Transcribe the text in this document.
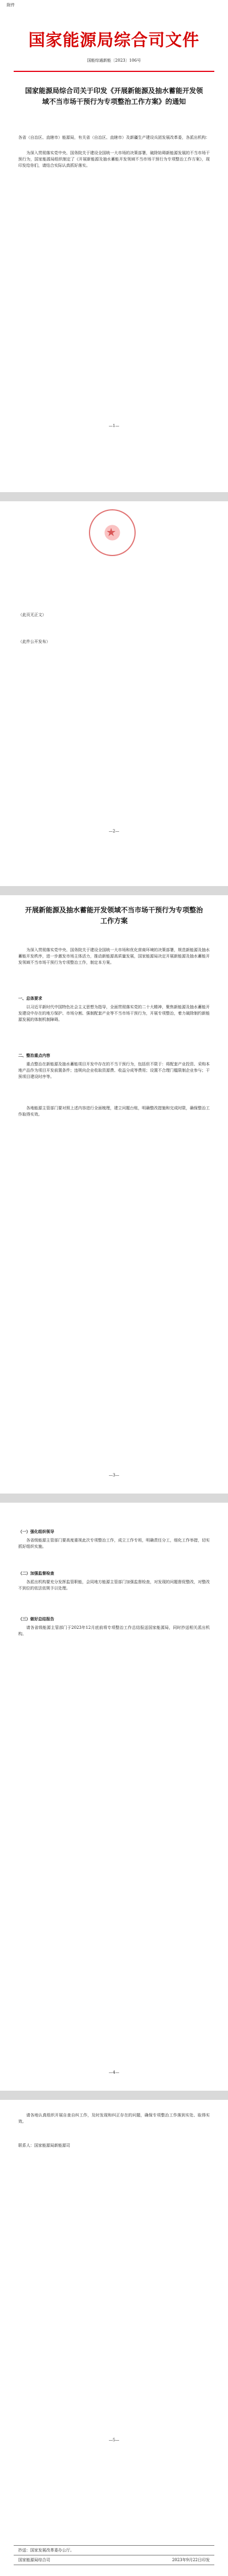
附件
国家能源局综合司文件
国能综通新能〔2023〕106号
国家能源局综合司关于印发《开展新能源及抽水蓄能开发领域不当市场干预行为专项整治工作方案》的通知
各省（自治区、直辖市）能源局，有关省（自治区、直辖市）及新疆生产建设兵团发展改革委，各派出机构：
为深入贯彻落实党中央、国务院关于建设全国统一大市场的决策部署，破除妨碍新能源发展的不当市场干预行为，国家能源局组织制定了《开展新能源及抽水蓄能开发领域不当市场干预行为专项整治工作方案》，现印发给你们，请结合实际认真抓好落实。
—1—
★
（此页无正文）
（此件公开发布）
—2—
开展新能源及抽水蓄能开发领域不当市场干预行为专项整治工作方案
为深入贯彻落实党中央、国务院关于建设全国统一大市场和优化营商环境的决策部署，规范新能源及抽水蓄能开发秩序，进一步激发市场主体活力，推动新能源高质量发展，国家能源局决定开展新能源及抽水蓄能开发领域不当市场干预行为专项整治工作，制定本方案。
一、总体要求
以习近平新时代中国特色社会主义思想为指导，全面贯彻落实党的二十大精神，聚焦新能源及抽水蓄能开发建设中存在的地方保护、市场分割、强制配套产业等不当市场干预行为，开展专项整治，着力破除制约新能源发展的体制机制障碍。
二、整治重点内容
重点整治在新能源及抽水蓄能项目开发中存在的不当干预行为，包括但不限于：将配套产业投资、采购本地产品作为项目开发前置条件；违规向企业收取资源费、收益分成等费用；设置不合理门槛限制企业参与；干预项目建设时序等。
各地能源主管部门要对照上述内容进行全面梳理，建立问题台账，明确整改措施和完成时限，确保整治工作取得实效。
—3—
（一）强化组织领导
各省级能源主管部门要高度重视此次专项整治工作，成立工作专班，明确责任分工，细化工作举措，切实抓好组织实施。
（二）加强监督检查
各派出机构要充分发挥监管职能，会同地方能源主管部门加强监督检查，对发现的问题督促整改，对整改不到位的依法依规予以处理。
（三）做好总结报告
请各省级能源主管部门于2023年12月底前将专项整治工作总结报送国家能源局，同时抄送相关派出机构。
—4—
请各地认真组织开展自查自纠工作，及时发现和纠正存在的问题，确保专项整治工作落到实处、取得实效。
联系人：国家能源局新能源司
—5—
抄送：国家发展改革委办公厅。
国家能源局综合司	2023年9月22日印发
